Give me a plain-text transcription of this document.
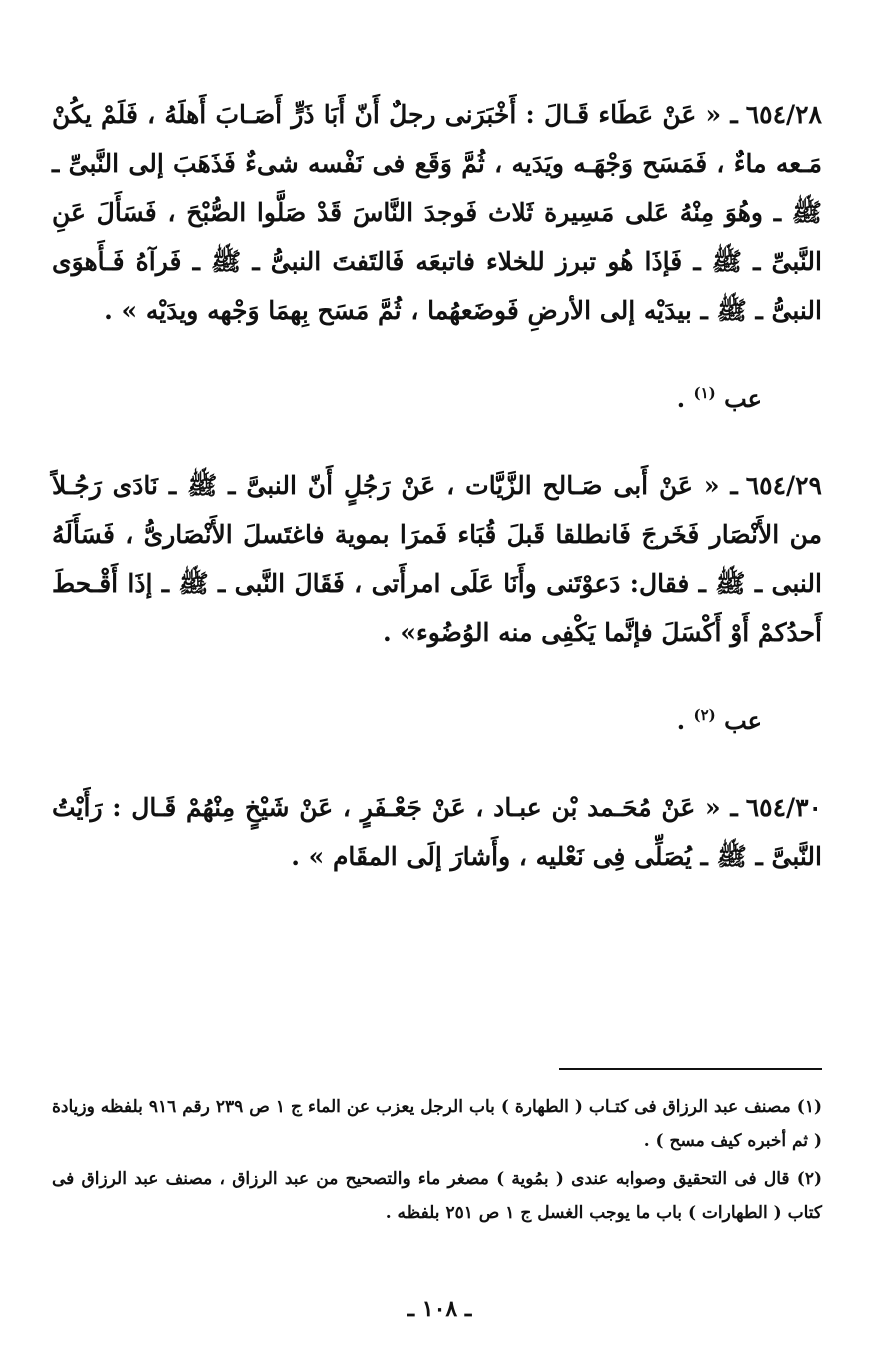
٦٥٤/٢٨ـ « عَنْ عَطَاء قَـالَ : أَخْبَرَنى رجلٌ أَنّ أَبَا ذَرٍّ أَصَـابَ أَهلَهُ ، فَلَمْ يكُنْ مَـعه ماءٌ ، فَمَسَح وَجْهَـه ويَدَيه ، ثُمَّ وَقَع فى نَفْسه شىءٌ فَذَهَبَ إلى النَّبىِّ ـ ﷺ ـ وهُوَ مِنْهُ عَلى مَسِيرة ثَلاث فَوجدَ النَّاسَ قَدْ صَلَّوا الصُّبْحَ ، فَسَأَلَ عَنِ النَّبىِّ ـ ﷺ ـ فَإذَا هُو تبرز للخلاء فاتبعَه فَالتَفتَ النبىُّ ـ ﷺ ـ فَرآهُ فَـأَهوَى النبىُّ ـ ﷺ ـ بيدَيْه إلى الأرضِ فَوضَعهُما ، ثُمَّ مَسَح بِهمَا وَجْهه ويدَيْه » .

عب $^{(١)}$ .

٦٥٤/٢٩ـ « عَنْ أَبى صَـالح الزَّيَّات ، عَنْ رَجُلٍ أَنّ النبىَّ ـ ﷺ ـ نَادَى رَجُـلاً من الأَنْصَار فَخَرجَ فَانطلقا قَبلَ قُبَاء فَمرَا بموية فاغتَسلَ الأَنْصَارىُّ ، فَسَأَلَهُ النبى ـ ﷺ ـ فقال: دَعوْتَنى وأَنَا عَلَى امرأَتى ، فَقَالَ النَّبى ـ ﷺ ـ إذَا أَقْـحطَ أَحدُكمْ أَوْ أَكْسَلَ فإنَّما يَكْفِى منه الوُضُوء» .

عب $^{(٢)}$ .

٦٥٤/٣٠ـ « عَنْ مُحَـمد بْن عبـاد ، عَنْ جَعْـفَرٍ ، عَنْ شَيْخٍ مِنْهُمْ قَـال : رَأَيْتُ النَّبىَّ ـ ﷺ ـ يُصَلِّى فِى نَعْليه ، وأَشارَ إلَى المقَام » .

(١) مصنف عبد الرزاق فى كتـاب ( الطهارة ) باب الرجل يعزب عن الماء ج ١ ص ٢٣٩ رقم ٩١٦ بلفظه وزيادة ( ثم أخبره كيف مسح ) .

(٢) قال فى التحقيق وصوابه عندى ( بمُوية ) مصغر ماء والتصحيح من عبد الرزاق ، مصنف عبد الرزاق فى كتاب ( الطهارات ) باب ما يوجب الغسل ج ١ ص ٢٥١ بلفظه .

ـ ١٠٨ ـ
